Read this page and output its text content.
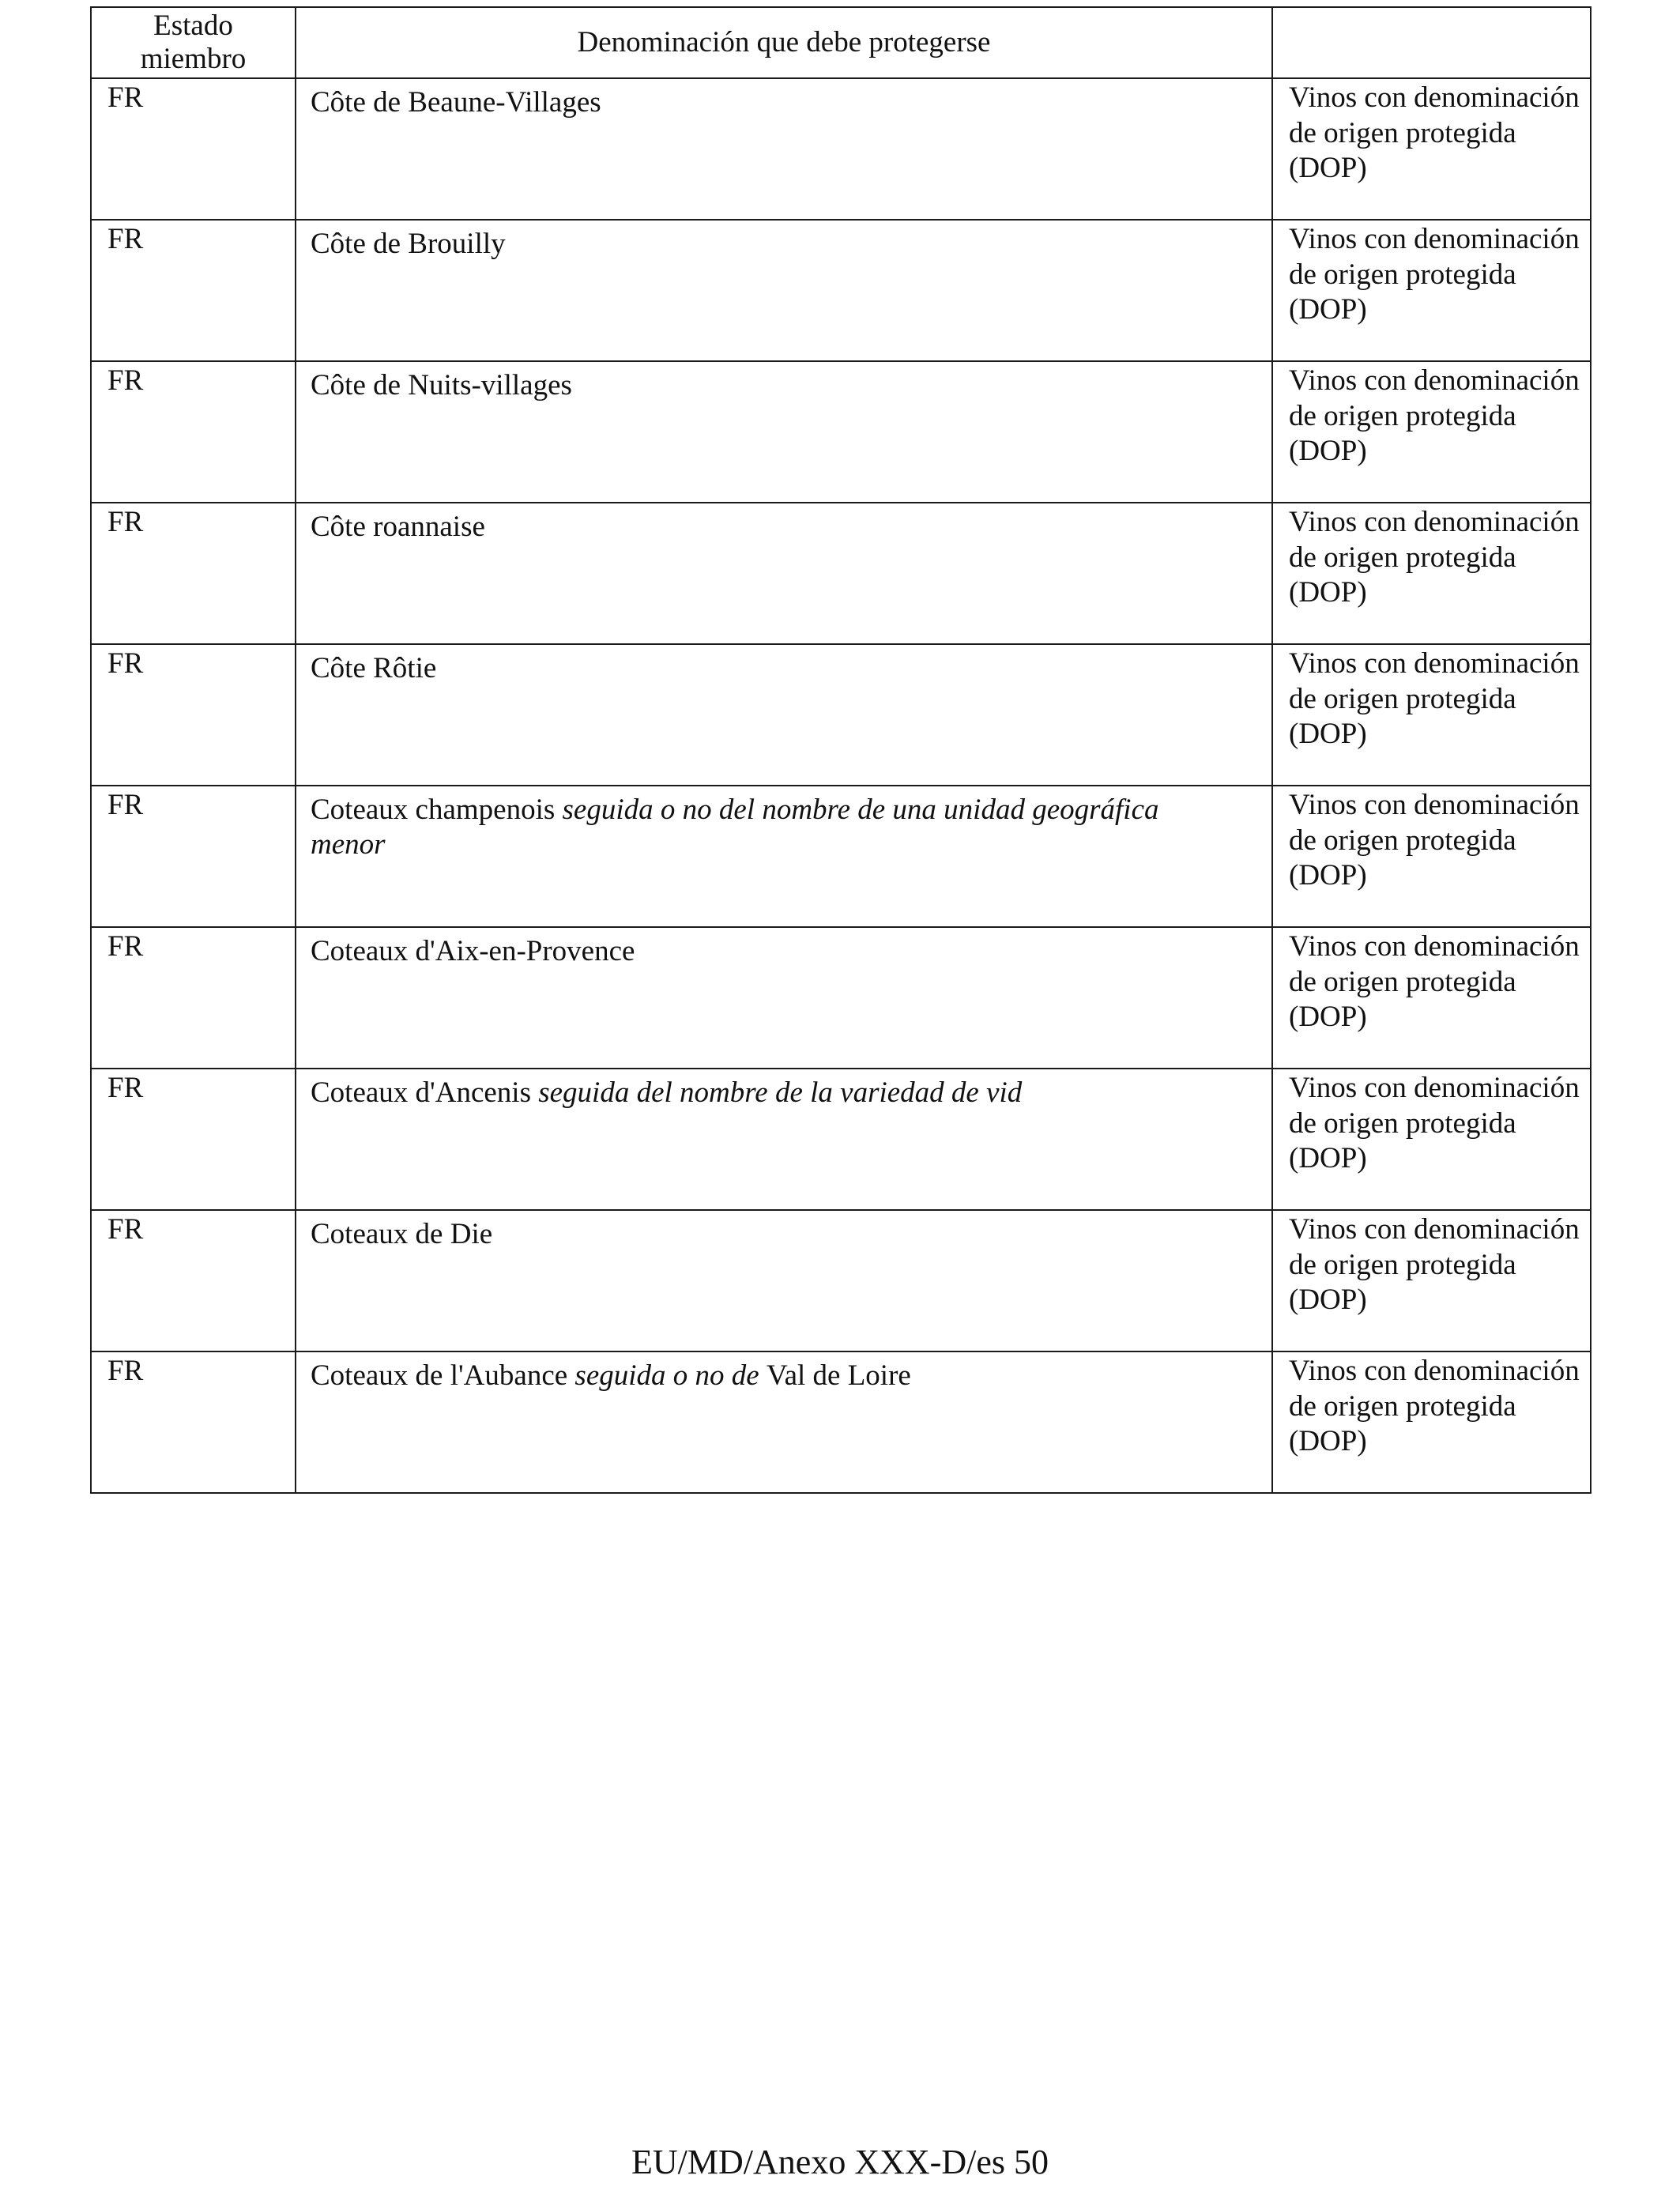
Estado
miembro	Denominación que debe protegerse	
FR	Côte de Beaune-Villages	Vinos con denominación de origen protegida (DOP)
FR	Côte de Brouilly	Vinos con denominación de origen protegida (DOP)
FR	Côte de Nuits-villages	Vinos con denominación de origen protegida (DOP)
FR	Côte roannaise	Vinos con denominación de origen protegida (DOP)
FR	Côte Rôtie	Vinos con denominación de origen protegida (DOP)
FR	Coteaux champenois seguida o no del nombre de una unidad geográfica menor	Vinos con denominación de origen protegida (DOP)
FR	Coteaux d'Aix-en-Provence	Vinos con denominación de origen protegida (DOP)
FR	Coteaux d'Ancenis seguida del nombre de la variedad de vid	Vinos con denominación de origen protegida (DOP)
FR	Coteaux de Die	Vinos con denominación de origen protegida (DOP)
FR	Coteaux de l'Aubance seguida o no de Val de Loire	Vinos con denominación de origen protegida (DOP)
EU/MD/Anexo XXX-D/es 50
